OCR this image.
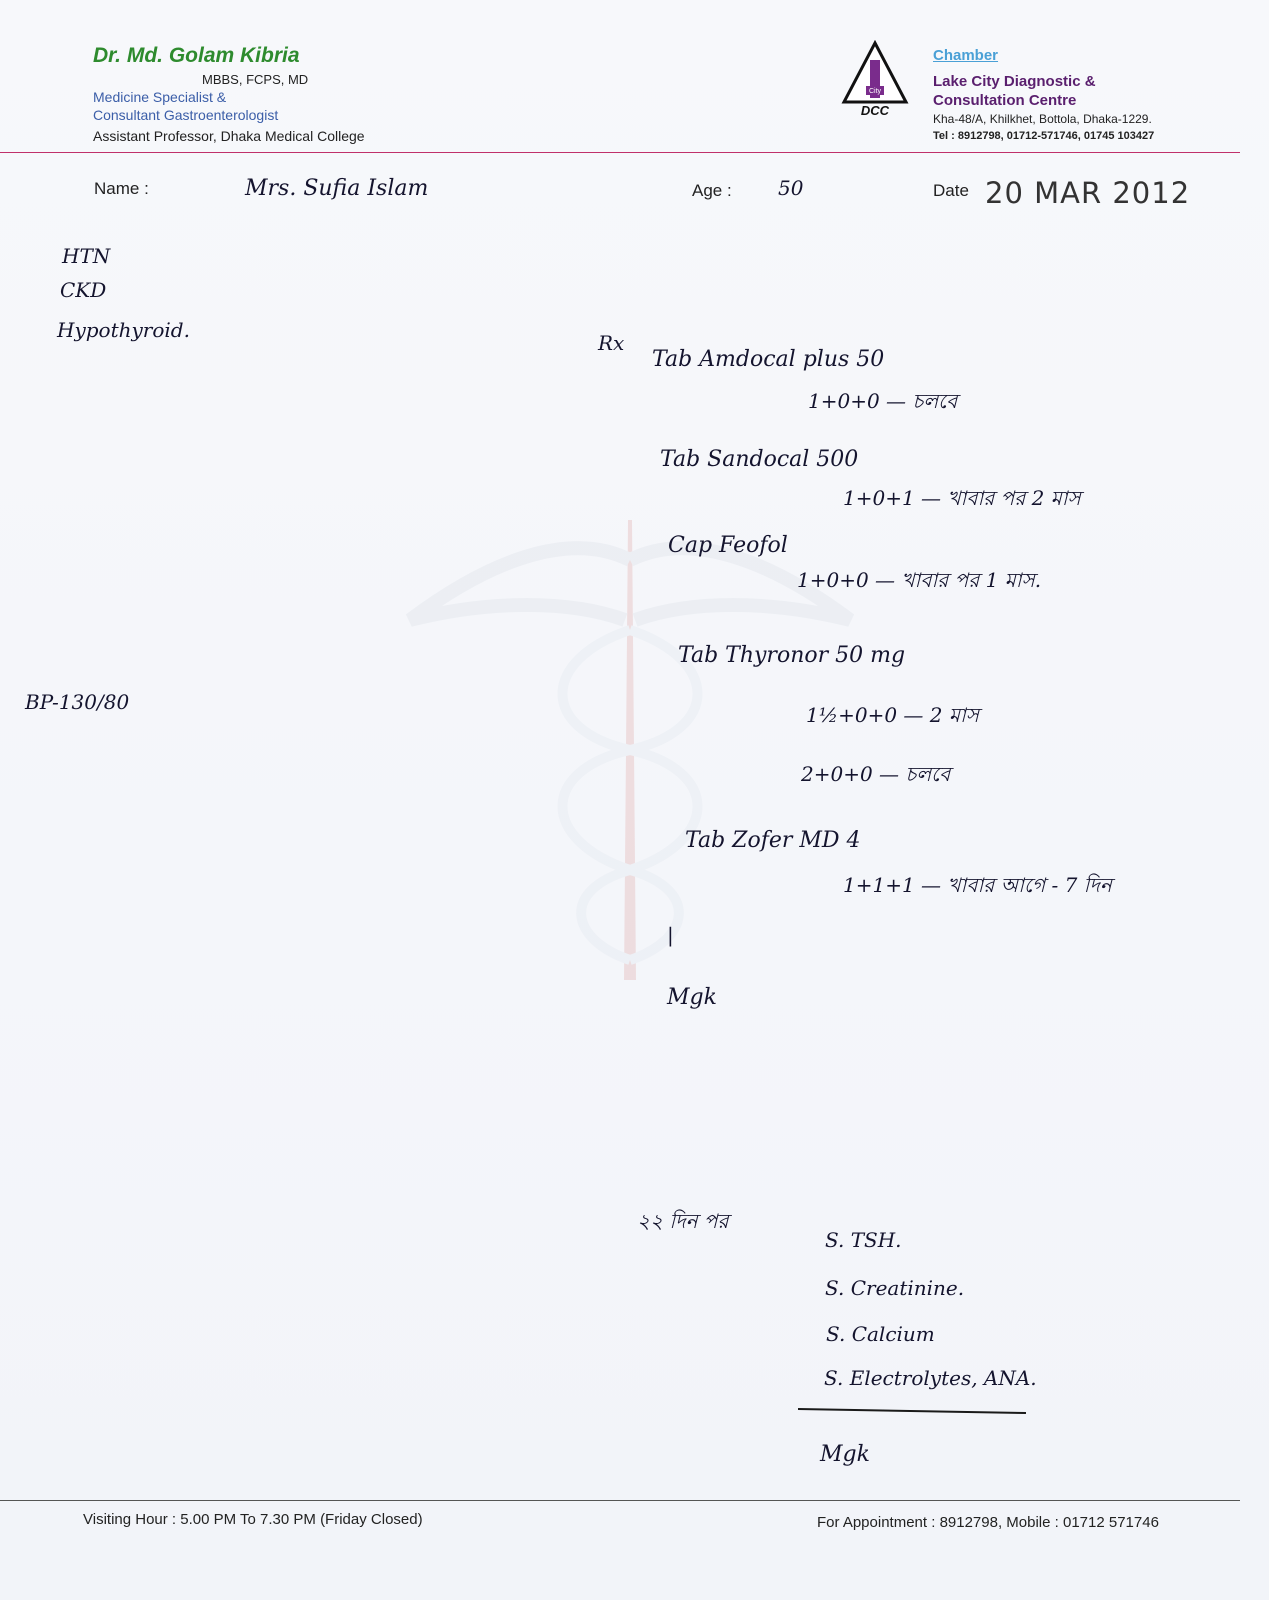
Dr. Md. Golam Kibria
MBBS, FCPS, MD
Medicine Specialist &
Consultant Gastroenterologist
Assistant Professor, Dhaka Medical College
City
DCC
Chamber
Lake City Diagnostic &
Consultation Centre
Kha-48/A, Khilkhet, Bottola, Dhaka-1229.
Tel : 8912798, 01712-571746, 01745 103427
Name :	Mrs. Sufia Islam	Age : 50	Date 20 MAR 2012
HTN
CKD
Hypothyroid.
BP-130/80
Rx
Tab Amdocal plus 50
1+0+0 — চলবে
Tab Sandocal 500
1+0+1 — খাবার পর 2 মাস
Cap Feofol
1+0+0 — খাবার পর 1 মাস.
Tab Thyronor 50 mg
1½+0+0 — 2 মাস
2+0+0 — চলবে
Tab Zofer MD 4
1+1+1 — খাবার আগে - 7 দিন
|
Mgk
২২ দিন পর
S. TSH.
S. Creatinine.
S. Calcium
S. Electrolytes, ANA.
Mgk
Visiting Hour : 5.00 PM To 7.30 PM (Friday Closed)	For Appointment : 8912798, Mobile : 01712 571746
